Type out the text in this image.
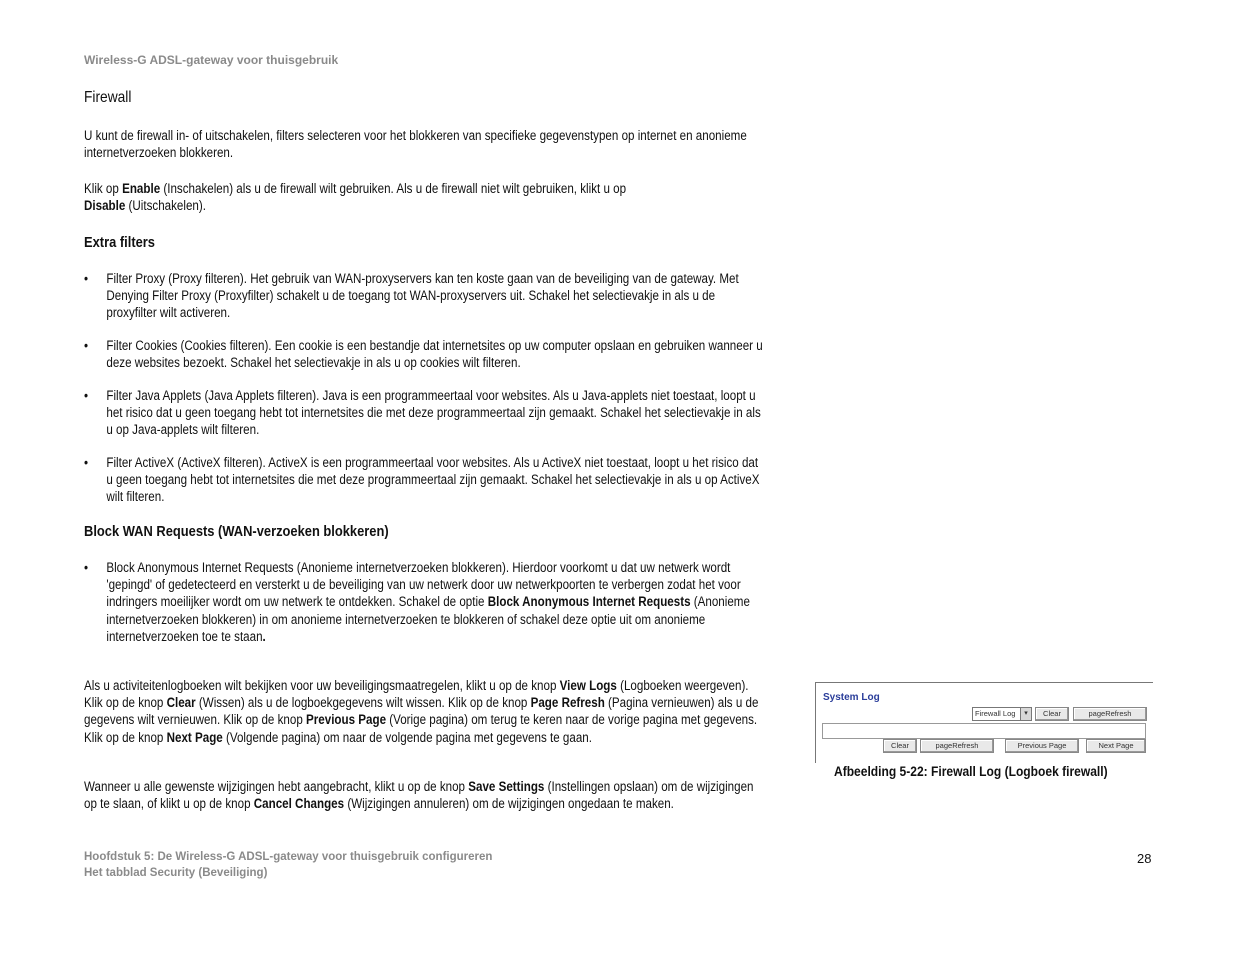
Wireless-G ADSL-gateway voor thuisgebruik
Firewall
U kunt de firewall in- of uitschakelen, filters selecteren voor het blokkeren van specifieke gegevenstypen op internet en anonieme internetverzoeken blokkeren.
Klik op Enable (Inschakelen) als u de firewall wilt gebruiken. Als u de firewall niet wilt gebruiken, klikt u op
Disable (Uitschakelen).
Extra filters
• Filter Proxy (Proxy filteren). Het gebruik van WAN-proxyservers kan ten koste gaan van de beveiliging van de gateway. Met Denying Filter Proxy (Proxyfilter) schakelt u de toegang tot WAN-proxyservers uit. Schakel het selectievakje in als u de proxyfilter wilt activeren.
• Filter Cookies (Cookies filteren). Een cookie is een bestandje dat internetsites op uw computer opslaan en gebruiken wanneer u deze websites bezoekt. Schakel het selectievakje in als u op cookies wilt filteren.
• Filter Java Applets (Java Applets filteren). Java is een programmeertaal voor websites. Als u Java-applets niet toestaat, loopt u het risico dat u geen toegang hebt tot internetsites die met deze programmeertaal zijn gemaakt. Schakel het selectievakje in als u op Java-applets wilt filteren.
• Filter ActiveX (ActiveX filteren). ActiveX is een programmeertaal voor websites. Als u ActiveX niet toestaat, loopt u het risico dat u geen toegang hebt tot internetsites die met deze programmeertaal zijn gemaakt. Schakel het selectievakje in als u op ActiveX wilt filteren.
Block WAN Requests (WAN-verzoeken blokkeren)
• Block Anonymous Internet Requests (Anonieme internetverzoeken blokkeren). Hierdoor voorkomt u dat uw netwerk wordt 'gepingd' of gedetecteerd en versterkt u de beveiliging van uw netwerk door uw netwerkpoorten te verbergen zodat het voor indringers moeilijker wordt om uw netwerk te ontdekken. Schakel de optie Block Anonymous Internet Requests (Anonieme internetverzoeken blokkeren) in om anonieme internetverzoeken te blokkeren of schakel deze optie uit om anonieme internetverzoeken toe te staan.
Als u activiteitenlogboeken wilt bekijken voor uw beveiligingsmaatregelen, klikt u op de knop View Logs (Logboeken weergeven). Klik op de knop Clear (Wissen) als u de logboekgegevens wilt wissen. Klik op de knop Page Refresh (Pagina vernieuwen) als u de gegevens wilt vernieuwen. Klik op de knop Previous Page (Vorige pagina) om terug te keren naar de vorige pagina met gegevens. Klik op de knop Next Page (Volgende pagina) om naar de volgende pagina met gegevens te gaan.
Wanneer u alle gewenste wijzigingen hebt aangebracht, klikt u op de knop Save Settings (Instellingen opslaan) om de wijzigingen op te slaan, of klikt u op de knop Cancel Changes (Wijzigingen annuleren) om de wijzigingen ongedaan te maken.
System Log
Firewall Log	▾	Clear	pageRefresh
Clear	pageRefresh	Previous Page	Next Page
Afbeelding 5-22: Firewall Log (Logboek firewall)
Hoofdstuk 5: De Wireless-G ADSL-gateway voor thuisgebruik configureren
Het tabblad Security (Beveiliging)
28
